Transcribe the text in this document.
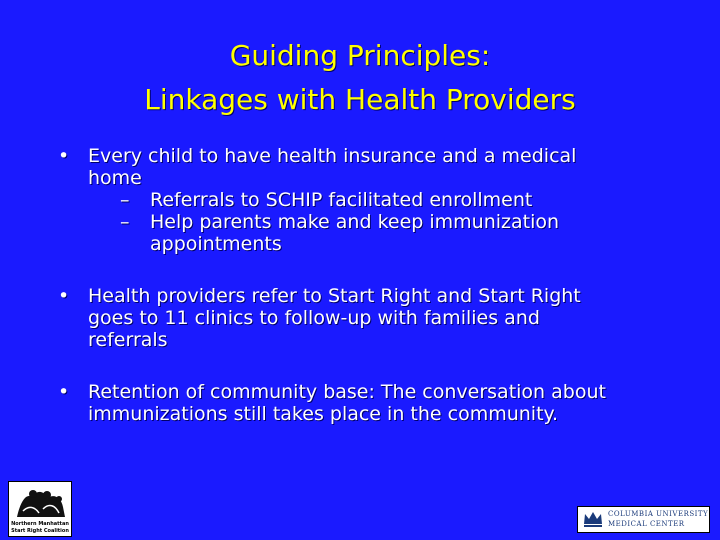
Guiding Principles:
Linkages with Health Providers
• Every child to have health insurance and a medical
home
– Referrals to SCHIP facilitated enrollment
– Help parents make and keep immunization
appointments
• Health providers refer to Start Right and Start Right
goes to 11 clinics to follow-up with families and
referrals
• Retention of community base: The conversation about
immunizations still takes place in the community.
Northern Manhattan
Start Right Coalition
COLUMBIA UNIVERSITY
MEDICAL CENTER
